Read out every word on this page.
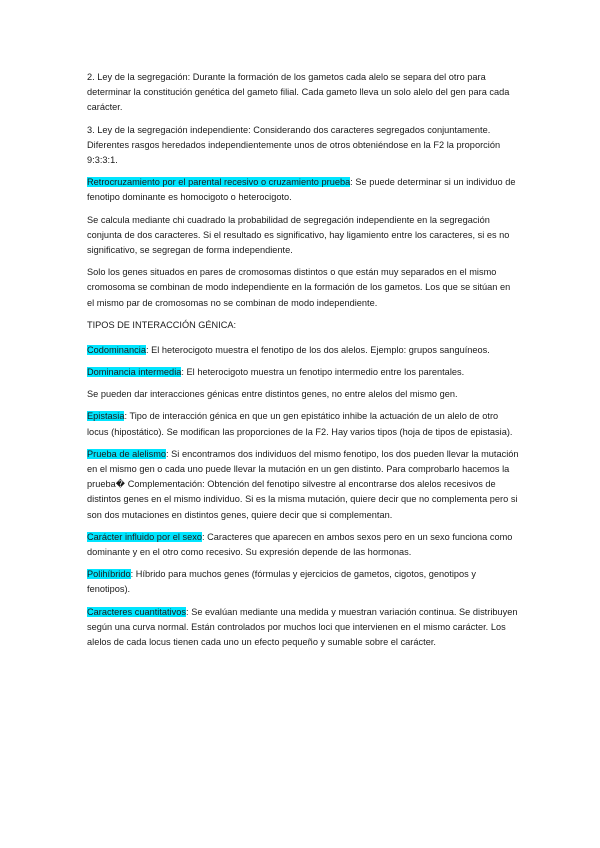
2. Ley de la segregación: Durante la formación de los gametos cada alelo se separa del otro para determinar la constitución genética del gameto filial. Cada gameto lleva un solo alelo del gen para cada carácter.

3. Ley de la segregación independiente: Considerando dos caracteres segregados conjuntamente. Diferentes rasgos heredados independientemente unos de otros obteniéndose en la F2 la proporción 9:3:3:1.

Retrocruzamiento por el parental recesivo o cruzamiento prueba: Se puede determinar si un individuo de fenotipo dominante es homocigoto o heterocigoto.

Se calcula mediante chi cuadrado la probabilidad de segregación independiente en la segregación conjunta de dos caracteres. Si el resultado es significativo, hay ligamiento entre los caracteres, si es no significativo, se segregan de forma independiente.

Solo los genes situados en pares de cromosomas distintos o que están muy separados en el mismo cromosoma se combinan de modo independiente en la formación de los gametos. Los que se sitúan en el mismo par de cromosomas no se combinan de modo independiente.

TIPOS DE INTERACCIÓN GÉNICA:

Codominancia: El heterocigoto muestra el fenotipo de los dos alelos. Ejemplo: grupos sanguíneos.

Dominancia intermedia: El heterocigoto muestra un fenotipo intermedio entre los parentales.

Se pueden dar interacciones génicas entre distintos genes, no entre alelos del mismo gen.

Epistasia: Tipo de interacción génica en que un gen epistático inhibe la actuación de un alelo de otro locus (hipostático). Se modifican las proporciones de la F2. Hay varios tipos (hoja de tipos de epistasia).

Prueba de alelismo: Si encontramos dos individuos del mismo fenotipo, los dos pueden llevar la mutación en el mismo gen o cada uno puede llevar la mutación en un gen distinto. Para comprobarlo hacemos la prueba� Complementación: Obtención del fenotipo silvestre al encontrarse dos alelos recesivos de distintos genes en el mismo individuo. Si es la misma mutación, quiere decir que no complementa pero si son dos mutaciones en distintos genes, quiere decir que si complementan.

Carácter influido por el sexo: Caracteres que aparecen en ambos sexos pero en un sexo funciona como dominante y en el otro como recesivo. Su expresión depende de las hormonas.

Polihíbrido: Híbrido para muchos genes (fórmulas y ejercicios de gametos, cigotos, genotipos y fenotipos).

Caracteres cuantitativos: Se evalúan mediante una medida y muestran variación continua. Se distribuyen según una curva normal. Están controlados por muchos loci que intervienen en el mismo carácter. Los alelos de cada locus tienen cada uno un efecto pequeño y sumable sobre el carácter.
